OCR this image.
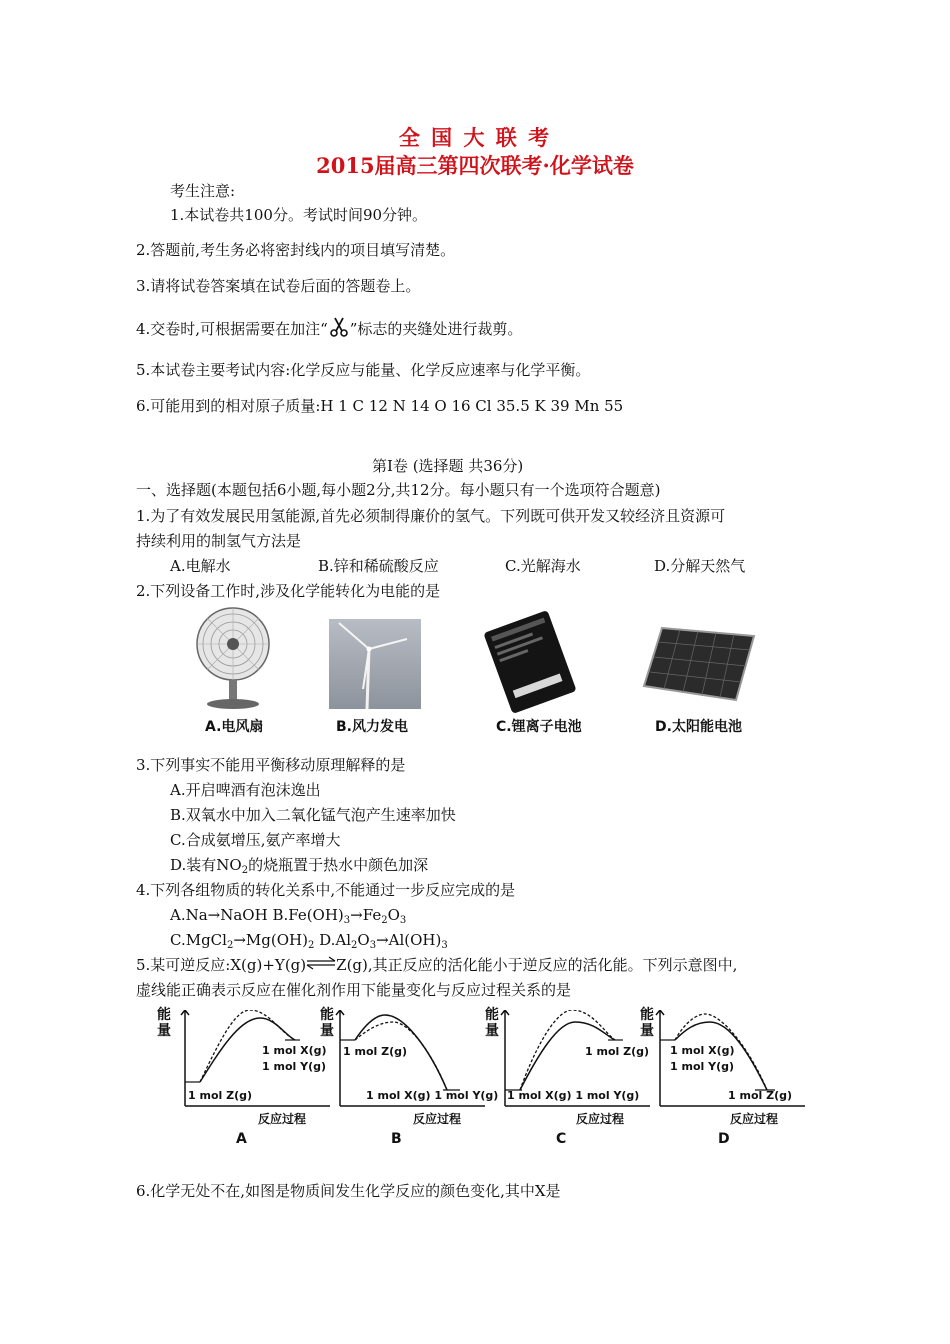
全 国 大 联 考
2015届高三第四次联考·化学试卷
考生注意:
1.本试卷共100分。考试时间90分钟。
2.答题前,考生务必将密封线内的项目填写清楚。
3.请将试卷答案填在试卷后面的答题卷上。
4.交卷时,可根据需要在加注“ ”标志的夹缝处进行裁剪。
5.本试卷主要考试内容:化学反应与能量、化学反应速率与化学平衡。
6.可能用到的相对原子质量:H 1 C 12 N 14 O 16 Cl 35.5 K 39 Mn 55
第Ⅰ卷 (选择题 共36分)
一、选择题(本题包括6小题,每小题2分,共12分。每小题只有一个选项符合题意)
1.为了有效发展民用氢能源,首先必须制得廉价的氢气。下列既可供开发又较经济且资源可
持续利用的制氢气方法是
A.电解水	B.锌和稀硫酸反应	C.光解海水	D.分解天然气
2.下列设备工作时,涉及化学能转化为电能的是
A.电风扇	B.风力发电	C.锂离子电池	D.太阳能电池
3.下列事实不能用平衡移动原理解释的是
A.开启啤酒有泡沫逸出
B.双氧水中加入二氧化锰气泡产生速率加快
C.合成氨增压,氨产率增大
D.装有$NO_2$的烧瓶置于热水中颜色加深
4.下列各组物质的转化关系中,不能通过一步反应完成的是
A.Na→NaOH $B.Fe(OH)_3\to Fe_2O_3$
$C.MgCl_2\to Mg(OH)_2$ $D.Al_2O_3\to Al(OH)_3$
5.某可逆反应:X(g)+Y(g)⇌Z(g),其正反应的活化能小于逆反应的活化能。下列示意图中,
虚线能正确表示反应在催化剂作用下能量变化与反应过程关系的是
能
量
1 mol X(g)
1 mol Y(g)
1 mol Z(g)
反应过程
A
能
量
1 mol Z(g)
1 mol X(g) 1 mol Y(g)
反应过程
B
能
量
1 mol Z(g)
1 mol X(g) 1 mol Y(g)
反应过程
C
能
量
1 mol X(g)
1 mol Y(g)
1 mol Z(g)
反应过程
D
6.化学无处不在,如图是物质间发生化学反应的颜色变化,其中X是
